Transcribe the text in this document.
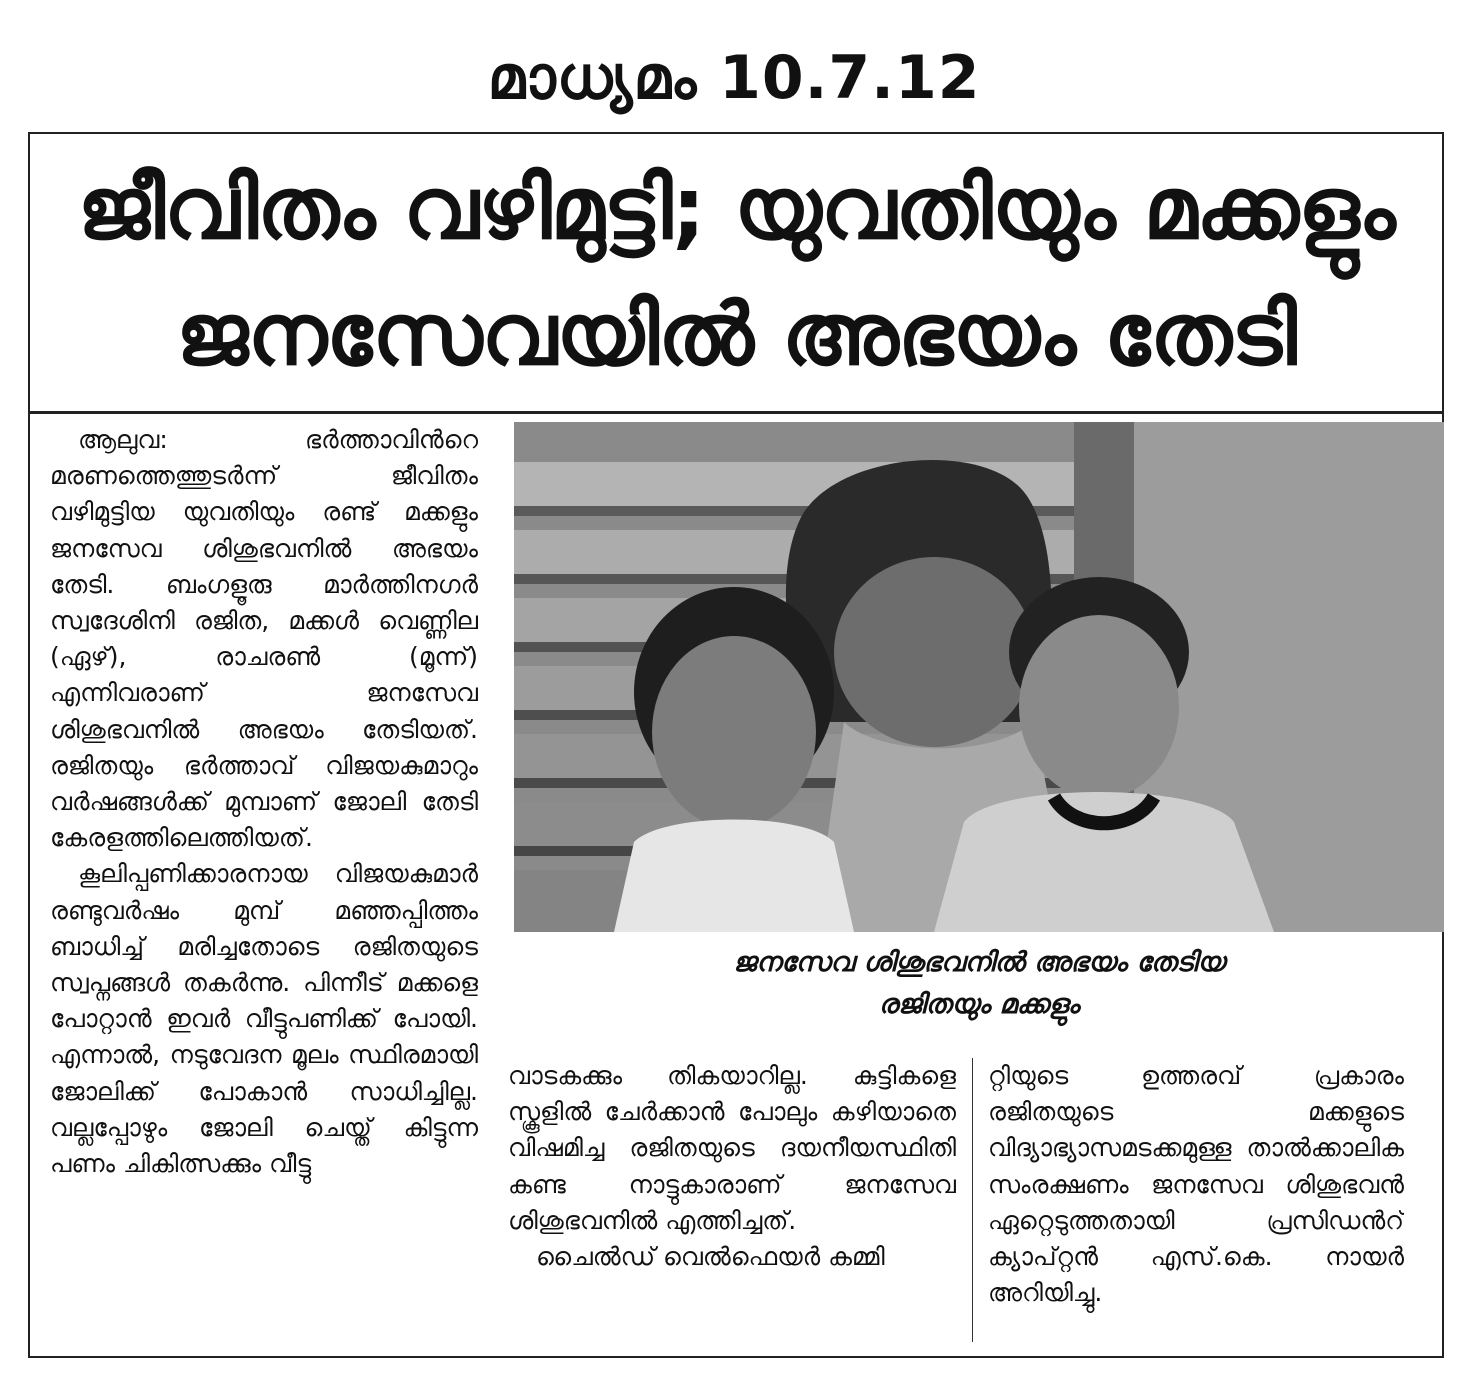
മാധ്യമം 10.7.12
ജീവിതം വഴിമുട്ടി; യുവതിയും മക്കളും
ജനസേവയിൽ അഭയം തേടി

ആലുവ: ഭർത്താവിന്‍റെ മരണത്തെത്തുടർന്ന് ജീവിതം വഴിമുട്ടിയ യുവതിയും രണ്ട് മക്കളും ജനസേവ ശിശുഭവനിൽ അഭയം തേടി. ബംഗളൂരു മാർത്തിനഗർ സ്വദേശിനി രജിത, മക്കൾ വെണ്ണില (ഏഴ്), രാചരൺ (മൂന്ന്) എന്നിവരാണ് ജനസേവ ശിശുഭവനിൽ അഭയം തേടിയത്. രജിതയും ഭർത്താവ് വിജയകുമാറും വർഷങ്ങൾക്ക് മുമ്പാണ് ജോലി തേടി കേരളത്തിലെത്തിയത്.

കൂലിപ്പണിക്കാരനായ വിജയകുമാർ രണ്ടുവർഷം മുമ്പ് മഞ്ഞപ്പിത്തം ബാധിച്ച് മരിച്ചതോടെ രജിതയുടെ സ്വപ്നങ്ങൾ തകർന്നു. പിന്നീട് മക്കളെ പോറ്റാൻ ഇവർ വീട്ടുപണിക്ക് പോയി. എന്നാൽ, നടുവേദന മൂലം സ്ഥിരമായി ജോലിക്ക് പോകാൻ സാധിച്ചില്ല. വല്ലപ്പോഴും ജോലി ചെയ്ത് കിട്ടുന്ന പണം ചികിത്സക്കും വീട്ടു

ജനസേവ ശിശുഭവനിൽ അഭയം തേടിയ
രജിതയും മക്കളും

വാടകക്കും തികയാറില്ല. കുട്ടികളെ സ്കൂളിൽ ചേർക്കാൻ പോലും കഴിയാതെ വിഷമിച്ച രജിതയുടെ ദയനീയസ്ഥിതി കണ്ട നാട്ടുകാരാണ് ജനസേവ ശിശുഭവനിൽ എത്തിച്ചത്.

ചൈൽഡ് വെൽഫെയർ കമ്മി

റ്റിയുടെ ഉത്തരവ് പ്രകാരം രജിതയുടെ മക്കളുടെ വിദ്യാഭ്യാസമടക്കമുള്ള താൽക്കാലിക സംരക്ഷണം ജനസേവ ശിശുഭവൻ ഏറ്റെടുത്തതായി പ്രസിഡന്‍റ് ക്യാപ്റ്റൻ എസ്.കെ. നായർ അറിയിച്ചു.
